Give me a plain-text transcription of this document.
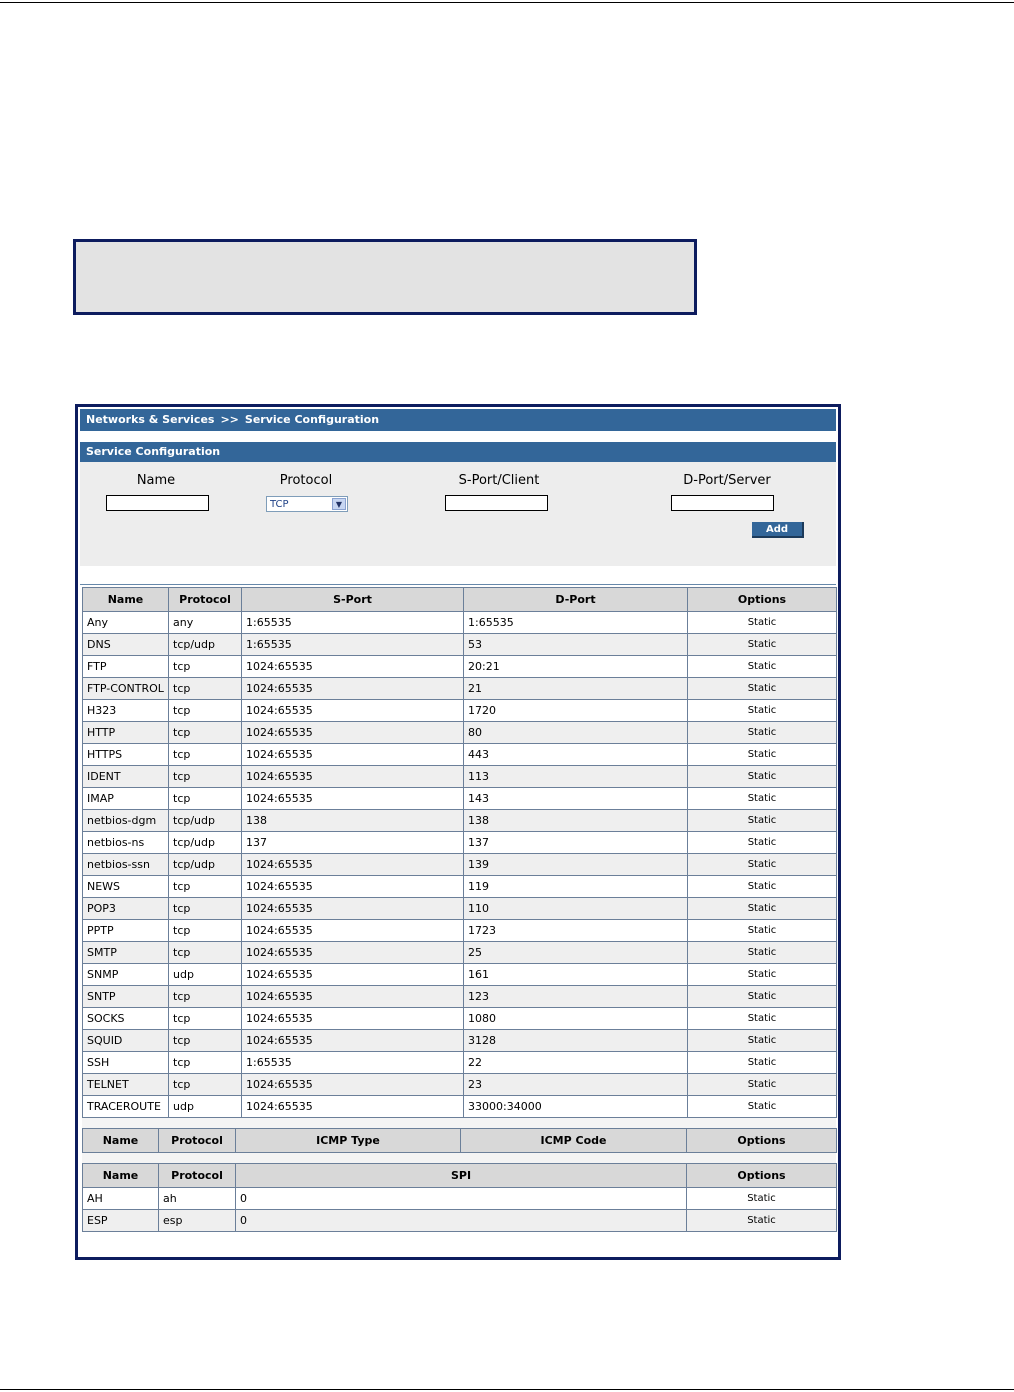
Networks & Services >> Service Configuration
Service Configuration
Name	Protocol	S-Port/Client	D-Port/Server
TCP	▼
Add
Name	Protocol	S-Port	D-Port	Options
Any	any	1:65535	1:65535	Static
DNS	tcp/udp	1:65535	53	Static
FTP	tcp	1024:65535	20:21	Static
FTP-CONTROL	tcp	1024:65535	21	Static
H323	tcp	1024:65535	1720	Static
HTTP	tcp	1024:65535	80	Static
HTTPS	tcp	1024:65535	443	Static
IDENT	tcp	1024:65535	113	Static
IMAP	tcp	1024:65535	143	Static
netbios-dgm	tcp/udp	138	138	Static
netbios-ns	tcp/udp	137	137	Static
netbios-ssn	tcp/udp	1024:65535	139	Static
NEWS	tcp	1024:65535	119	Static
POP3	tcp	1024:65535	110	Static
PPTP	tcp	1024:65535	1723	Static
SMTP	tcp	1024:65535	25	Static
SNMP	udp	1024:65535	161	Static
SNTP	tcp	1024:65535	123	Static
SOCKS	tcp	1024:65535	1080	Static
SQUID	tcp	1024:65535	3128	Static
SSH	tcp	1:65535	22	Static
TELNET	tcp	1024:65535	23	Static
TRACEROUTE	udp	1024:65535	33000:34000	Static
Name	Protocol	ICMP Type	ICMP Code	Options
Name	Protocol	SPI	Options
AH	ah	0	Static
ESP	esp	0	Static
